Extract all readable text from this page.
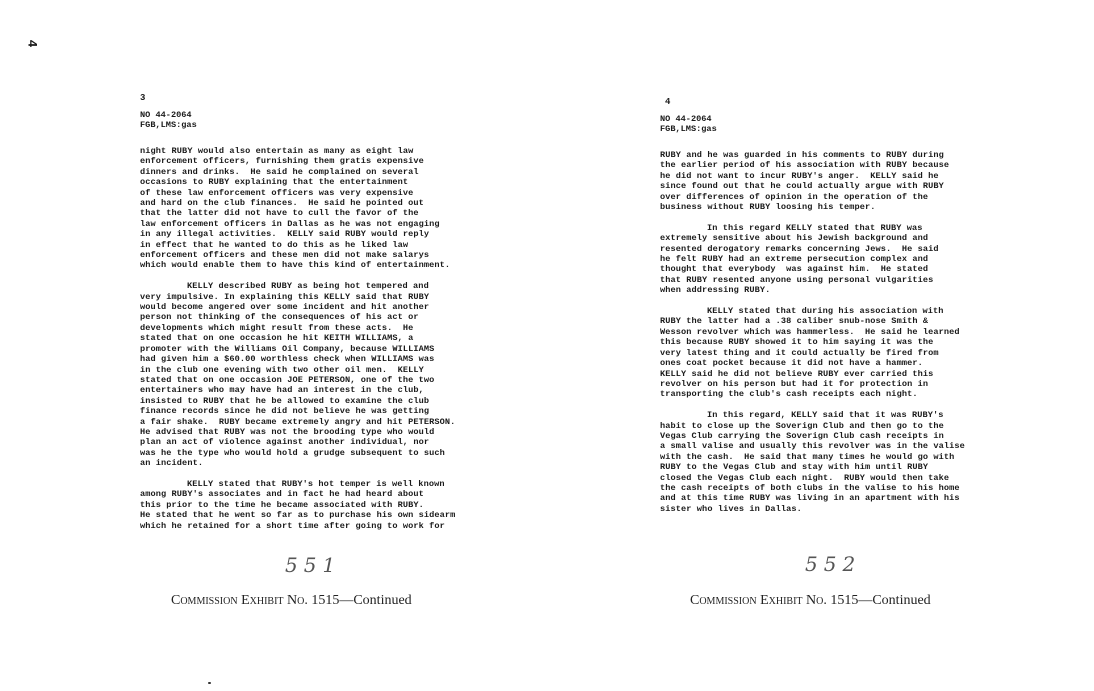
4
3
NO 44-2064
FGB,LMS:gas
night RUBY would also entertain as many as eight law
enforcement officers, furnishing them gratis expensive
dinners and drinks.  He said he complained on several
occasions to RUBY explaining that the entertainment
of these law enforcement officers was very expensive
and hard on the club finances.  He said he pointed out
that the latter did not have to cull the favor of the
law enforcement officers in Dallas as he was not engaging
in any illegal activities.  KELLY said RUBY would reply
in effect that he wanted to do this as he liked law
enforcement officers and these men did not make salarys
which would enable them to have this kind of entertainment.
KELLY described RUBY as being hot tempered and
very impulsive. In explaining this KELLY said that RUBY
would become angered over some incident and hit another
person not thinking of the consequences of his act or
developments which might result from these acts.  He
stated that on one occasion he hit KEITH WILLIAMS, a
promoter with the Williams Oil Company, because WILLIAMS
had given him a $60.00 worthless check when WILLIAMS was
in the club one evening with two other oil men.  KELLY
stated that on one occasion JOE PETERSON, one of the two
entertainers who may have had an interest in the club,
insisted to RUBY that he be allowed to examine the club
finance records since he did not believe he was getting
a fair shake.  RUBY became extremely angry and hit PETERSON.
He advised that RUBY was not the brooding type who would
plan an act of violence against another individual, nor
was he the type who would hold a grudge subsequent to such
an incident.
KELLY stated that RUBY's hot temper is well known
among RUBY's associates and in fact he had heard about
this prior to the time he became associated with RUBY.
He stated that he went so far as to purchase his own sidearm
which he retained for a short time after going to work for
551
Commission Exhibit No. 1515—Continued
4
NO 44-2064
FGB,LMS:gas
RUBY and he was guarded in his comments to RUBY during
the earlier period of his association with RUBY because
he did not want to incur RUBY's anger.  KELLY said he
since found out that he could actually argue with RUBY
over differences of opinion in the operation of the
business without RUBY loosing his temper.
In this regard KELLY stated that RUBY was
extremely sensitive about his Jewish background and
resented derogatory remarks concerning Jews.  He said
he felt RUBY had an extreme persecution complex and
thought that everybody  was against him.  He stated
that RUBY resented anyone using personal vulgarities
when addressing RUBY.
KELLY stated that during his association with
RUBY the latter had a .38 caliber snub-nose Smith &
Wesson revolver which was hammerless.  He said he learned
this because RUBY showed it to him saying it was the
very latest thing and it could actually be fired from
ones coat pocket because it did not have a hammer.
KELLY said he did not believe RUBY ever carried this
revolver on his person but had it for protection in
transporting the club's cash receipts each night.
In this regard, KELLY said that it was RUBY's
habit to close up the Soverign Club and then go to the
Vegas Club carrying the Soverign Club cash receipts in
a small valise and usually this revolver was in the valise
with the cash.  He said that many times he would go with
RUBY to the Vegas Club and stay with him until RUBY
closed the Vegas Club each night.  RUBY would then take
the cash receipts of both clubs in the valise to his home
and at this time RUBY was living in an apartment with his
sister who lives in Dallas.
552
Commission Exhibit No. 1515—Continued
